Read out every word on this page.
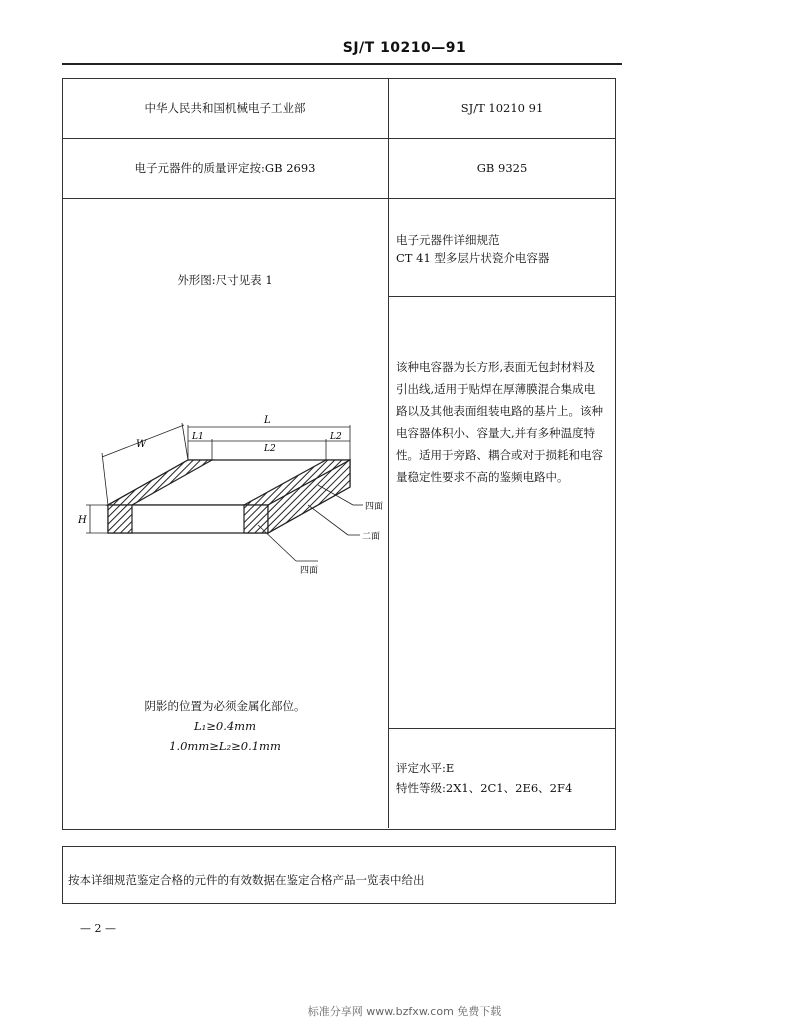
SJ/T 10210—91
中华人民共和国机械电子工业部	SJ/T 10210 91
电子元器件的质量评定按:GB 2693	GB 9325
电子元器件详细规范
CT 41 型多层片状瓷介电容器
外形图:尺寸见表 1
该种电容器为长方形,表面无包封材料及
引出线,适用于贴焊在厚薄膜混合集成电
路以及其他表面组装电路的基片上。该种
电容器体积小、容量大,并有多种温度特
性。适用于旁路、耦合或对于损耗和电容
量稳定性要求不高的鉴频电路中。
W
H
L
L1
L2
L2
四面
二面
四面
阴影的位置为必须金属化部位。
L₁≥0.4mm
1.0mm≥L₂≥0.1mm
评定水平:E
特性等级:2X1、2C1、2E6、2F4
按本详细规范鉴定合格的元件的有效数据在鉴定合格产品一览表中给出
— 2 —
标准分享网 www.bzfxw.com 免费下载
